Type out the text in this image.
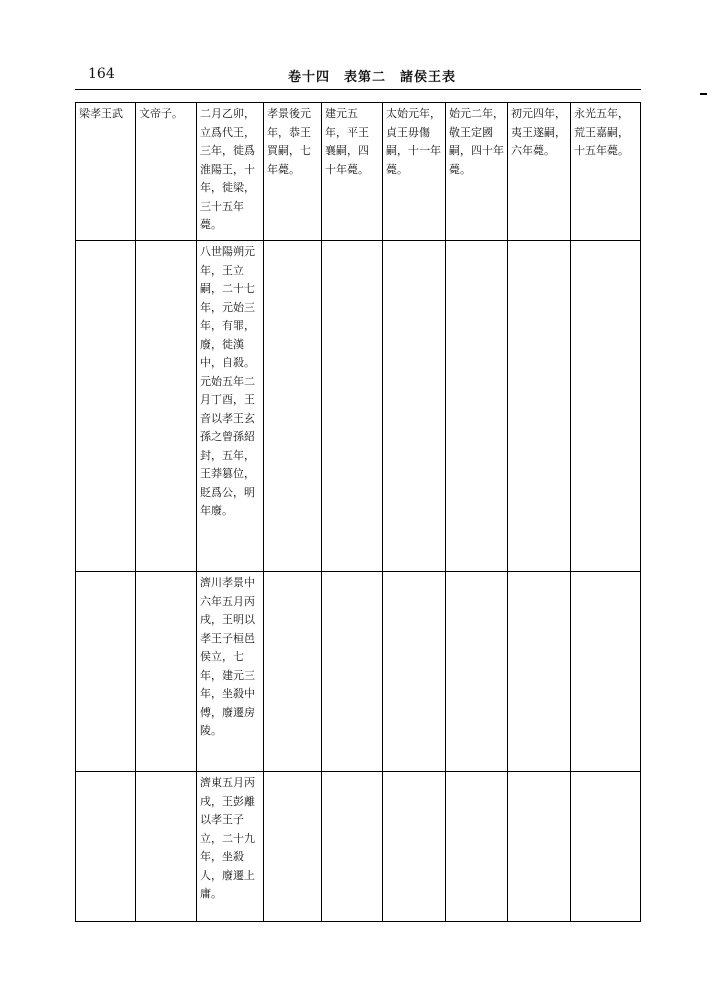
164	卷十四　表第二　諸侯王表
梁孝王武	文帝子。	二月乙卯，立爲代王，三年，徙爲淮陽王，十年，徙梁，三十五年薨。	孝景後元年，恭王買嗣，七年薨。	建元五年，平王襄嗣，四十年薨。	太始元年，貞王毋傷嗣，十一年薨。	始元二年，敬王定國嗣，四十年薨。	初元四年，夷王遂嗣，六年薨。	永光五年，荒王嘉嗣，十五年薨。
		八世陽朔元年，王立嗣，二十七年，元始三年，有罪，廢，徙漢中，自殺。元始五年二月丁酉，王音以孝王玄孫之曾孫紹封，五年，王莽篡位，貶爲公，明年廢。						
		濟川孝景中六年五月丙戌，王明以孝王子桓邑侯立，七年，建元三年，坐殺中傅，廢遷房陵。						
		濟東五月丙戌，王彭離以孝王子立，二十九年，坐殺人，廢遷上庸。						
